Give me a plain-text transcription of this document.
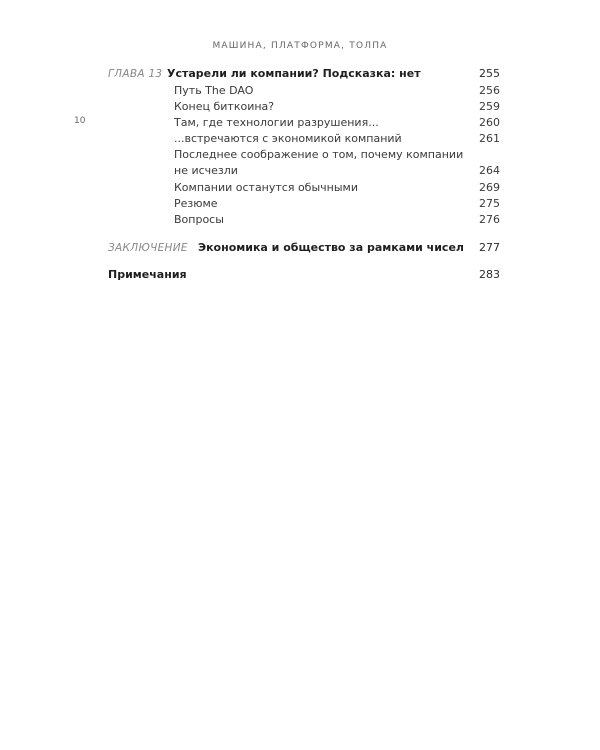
МАШИНА, ПЛАТФОРМА, ТОЛПА
10
ГЛАВА 13 Устарели ли компании? Подсказка: нет	255
Путь The DAO	256
Конец биткоина?	259
Там, где технологии разрушения...	260
...встречаются с экономикой компаний	261
Последнее соображение о том, почему компании
не исчезли	264
Компании останутся обычными	269
Резюме	275
Вопросы	276
ЗАКЛЮЧЕНИЕ Экономика и общество за рамками чисел 277
Примечания	283
